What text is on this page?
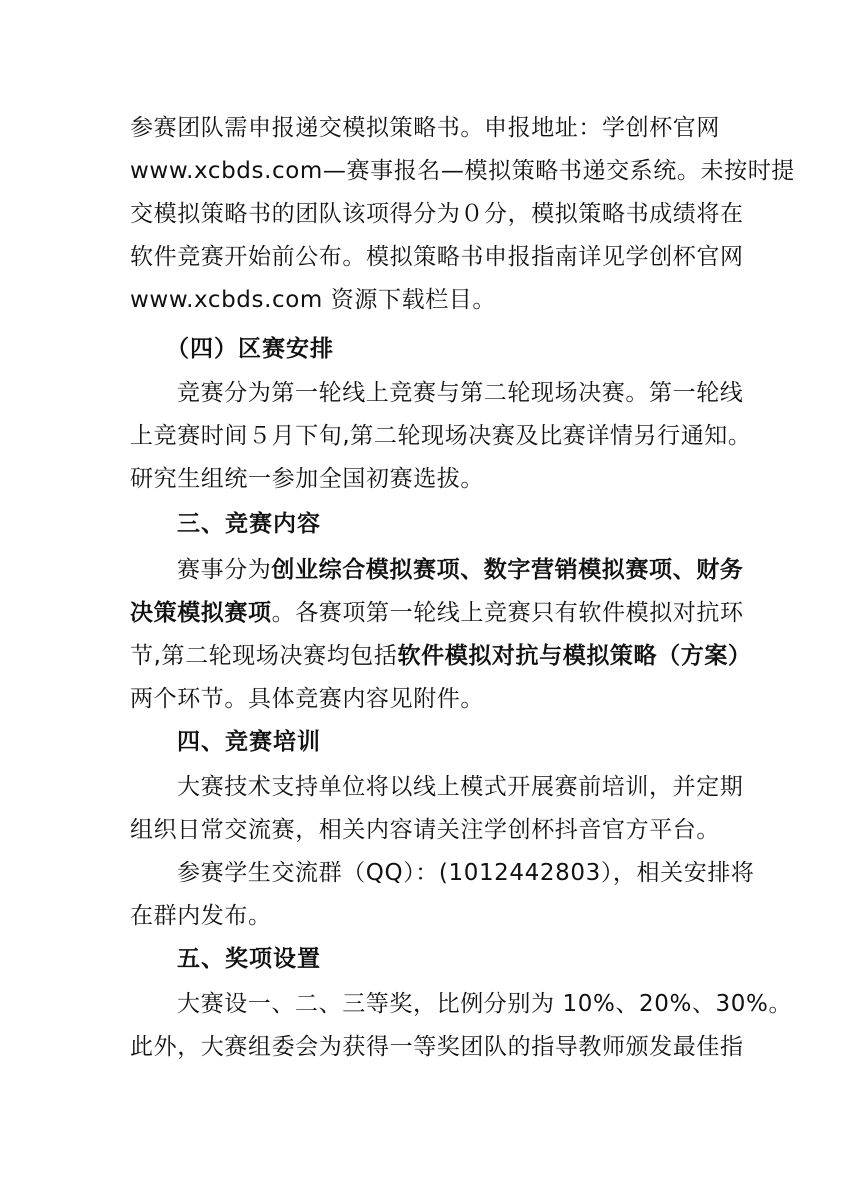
参赛团队需申报递交模拟策略书。申报地址：学创杯官网
www.xcbds.com—赛事报名—模拟策略书递交系统。未按时提
交模拟策略书的团队该项得分为０分，模拟策略书成绩将在
软件竞赛开始前公布。模拟策略书申报指南详见学创杯官网
www.xcbds.com 资源下载栏目。
（四）区赛安排
竞赛分为第一轮线上竞赛与第二轮现场决赛。第一轮线
上竞赛时间５月下旬,第二轮现场决赛及比赛详情另行通知。
研究生组统一参加全国初赛选拔。
三、竞赛内容
赛事分为创业综合模拟赛项、数字营销模拟赛项、财务
决策模拟赛项。各赛项第一轮线上竞赛只有软件模拟对抗环
节,第二轮现场决赛均包括软件模拟对抗与模拟策略（方案）
两个环节。具体竞赛内容见附件。
四、竞赛培训
大赛技术支持单位将以线上模式开展赛前培训，并定期
组织日常交流赛，相关内容请关注学创杯抖音官方平台。
参赛学生交流群（QQ）：(1012442803），相关安排将
在群内发布。
五、奖项设置
大赛设一、二、三等奖，比例分别为 10%、20%、30%。
此外，大赛组委会为获得一等奖团队的指导教师颁发最佳指
